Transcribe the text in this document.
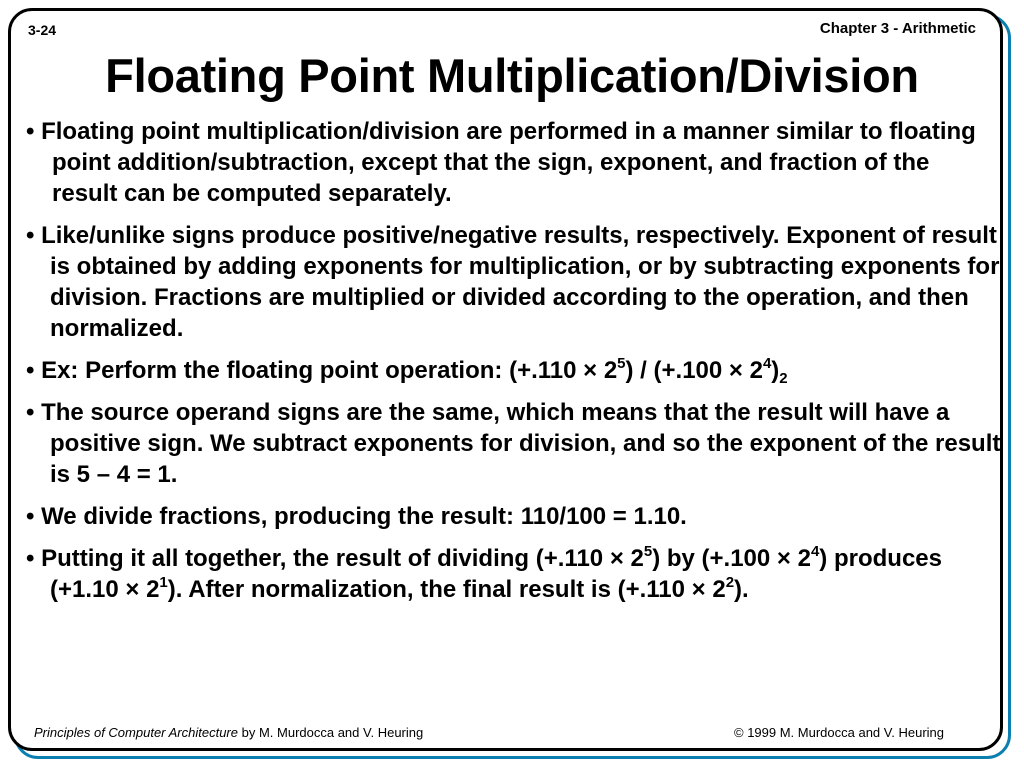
3-24	Chapter 3 - Arithmetic
Floating Point Multiplication/Division
• Floating point multiplication/division are performed in a manner similar to floating point addition/subtraction, except that the sign, exponent, and fraction of the result can be computed separately.
• Like/unlike signs produce positive/negative results, respectively. Exponent of result is obtained by adding exponents for multiplication, or by subtracting exponents for division. Fractions are multiplied or divided according to the operation, and then normalized.
• Ex: Perform the floating point operation: $(+.110 \times 2^5) / (+.100 \times 2^4)_2$
• The source operand signs are the same, which means that the result will have a positive sign. We subtract exponents for division, and so the exponent of the result is 5 – 4 = 1.
• We divide fractions, producing the result: 110/100 = 1.10.
• Putting it all together, the result of dividing $(+.110 \times 2^5)$ by $(+.100 \times 2^4)$ produces $(+1.10 \times 2^1)$. After normalization, the final result is $(+.110 \times 2^2)$.
Principles of Computer Architecture by M. Murdocca and V. Heuring	© 1999 M. Murdocca and V. Heuring
